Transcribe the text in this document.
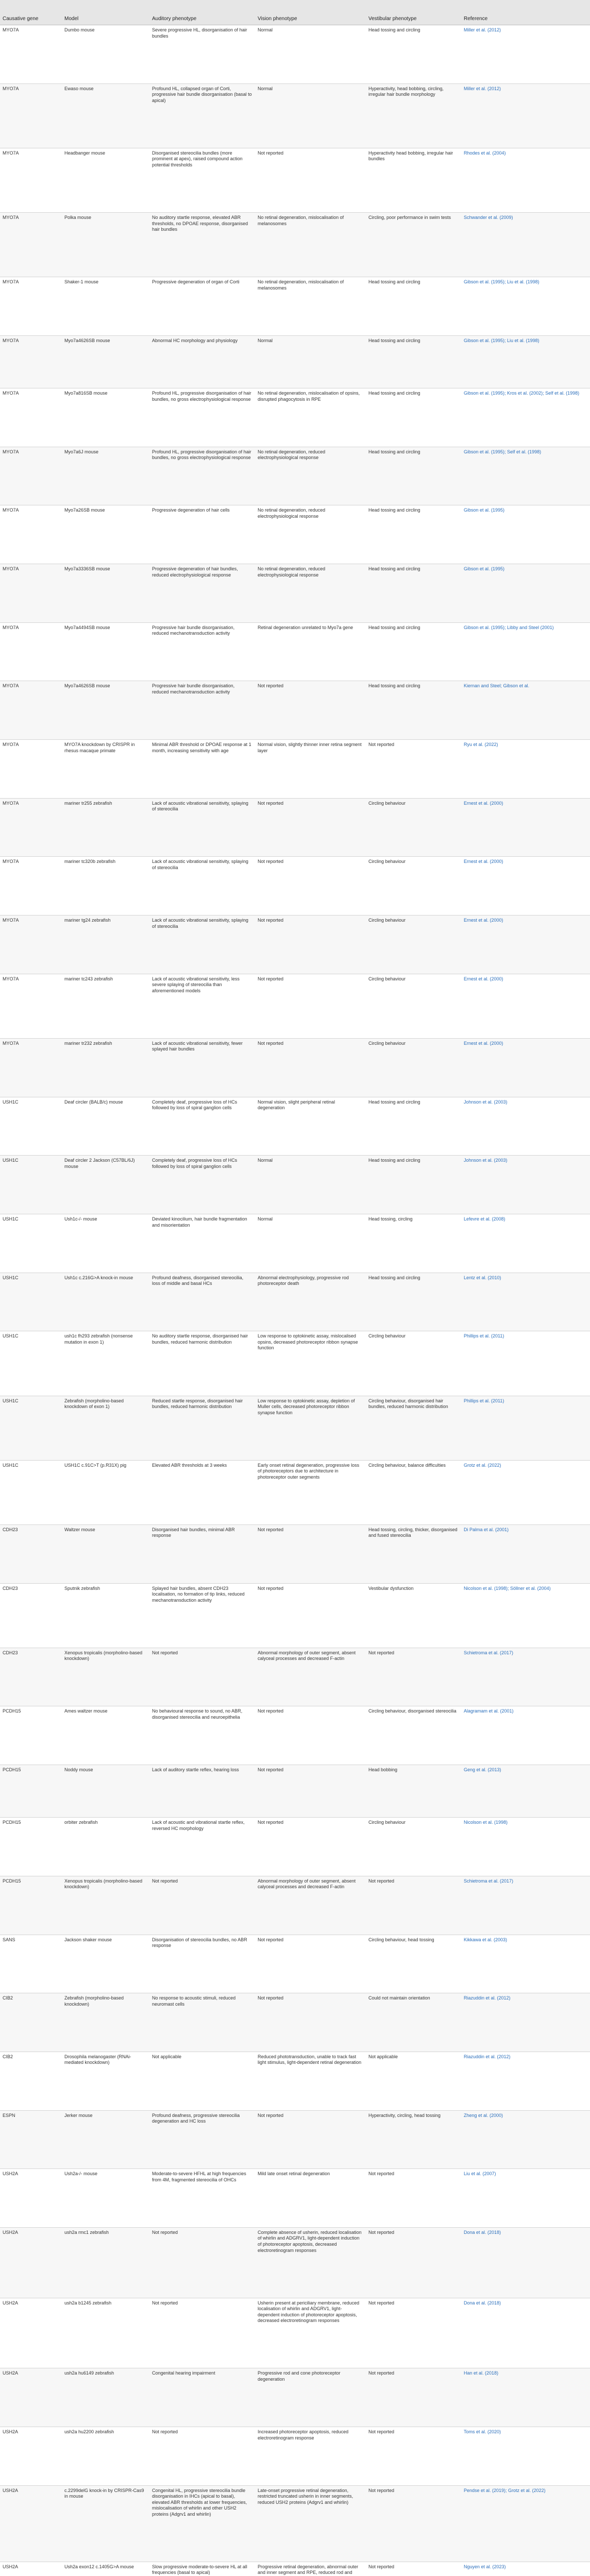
Causative gene	Model	Auditory phenotype	Vision phenotype	Vestibular phenotype	Reference
MYO7A	Dumbo mouse	Severe progressive HL, disorganisation of hair bundles	Normal	Head tossing and circling	Miller et al. (2012)
MYO7A	Ewaso mouse	Profound HL, collapsed organ of Corti, progressive hair bundle disorganisation (basal to apical)	Normal	Hyperactivity, head bobbing, circling, irregular hair bundle morphology	Miller et al. (2012)
MYO7A	Headbanger mouse	Disorganised stereocilia bundles (more prominent at apex), raised compound action potential thresholds	Not reported	Hyperactivity head bobbing, irregular hair bundles	Rhodes et al. (2004)
MYO7A	Polka mouse	No auditory startle response, elevated ABR thresholds, no DPOAE response, disorganised hair bundles	No retinal degeneration, mislocalisation of melanosomes	Circling, poor performance in swim tests	Schwander et al. (2009)
MYO7A	Shaker-1 mouse	Progressive degeneration of organ of Corti	No retinal degeneration, mislocalisation of melanosomes	Head tossing and circling	Gibson et al. (1995); Liu et al. (1998)
MYO7A	Myo7a4626SB mouse	Abnormal HC morphology and physiology	Normal	Head tossing and circling	Gibson et al. (1995); Liu et al. (1998)
MYO7A	Myo7a816SB mouse	Profound HL, progressive disorganisation of hair bundles, no gross electrophysiological response	No retinal degeneration, mislocalisation of opsins, disrupted phagocytosis in RPE	Head tossing and circling	Gibson et al. (1995); Kros et al. (2002); Self et al. (1998)
MYO7A	Myo7a6J mouse	Profound HL, progressive disorganisation of hair bundles, no gross electrophysiological response	No retinal degeneration, reduced electrophysiological response	Head tossing and circling	Gibson et al. (1995); Self et al. (1998)
MYO7A	Myo7a26SB mouse	Progressive degeneration of hair cells	No retinal degeneration, reduced electrophysiological response	Head tossing and circling	Gibson et al. (1995)
MYO7A	Myo7a3336SB mouse	Progressive degeneration of hair bundles, reduced electrophysiological response	No retinal degeneration, reduced electrophysiological response	Head tossing and circling	Gibson et al. (1995)
MYO7A	Myo7a4494SB mouse	Progressive hair bundle disorganisation, reduced mechanotransduction activity	Retinal degeneration unrelated to Myo7a gene	Head tossing and circling	Gibson et al. (1995); Libby and Steel (2001)
MYO7A	Myo7a4626SB mouse	Progressive hair bundle disorganisation, reduced mechanotransduction activity	Not reported	Head tossing and circling	Kiernan and Steel; Gibson et al.
MYO7A	MYO7A knockdown by CRISPR in rhesus macaque primate	Minimal ABR threshold or DPOAE response at 1 month, increasing sensitivity with age	Normal vision, slightly thinner inner retina segment layer	Not reported	Ryu et al. (2022)
MYO7A	mariner tr255 zebrafish	Lack of acoustic vibrational sensitivity, splaying of stereocilia	Not reported	Circling behaviour	Ernest et al. (2000)
MYO7A	mariner tc320b zebrafish	Lack of acoustic vibrational sensitivity, splaying of stereocilia	Not reported	Circling behaviour	Ernest et al. (2000)
MYO7A	mariner tg24 zebrafish	Lack of acoustic vibrational sensitivity, splaying of stereocilia	Not reported	Circling behaviour	Ernest et al. (2000)
MYO7A	mariner tc243 zebrafish	Lack of acoustic vibrational sensitivity, less severe splaying of stereocilia than aforementioned models	Not reported	Circling behaviour	Ernest et al. (2000)
MYO7A	mariner tr232 zebrafish	Lack of acoustic vibrational sensitivity, fewer splayed hair bundles	Not reported	Circling behaviour	Ernest et al. (2000)
USH1C	Deaf circler (BALB/c) mouse	Completely deaf, progressive loss of HCs followed by loss of spiral ganglion cells	Normal vision, slight peripheral retinal degeneration	Head tossing and circling	Johnson et al. (2003)
USH1C	Deaf circler 2 Jackson (C57BL/6J) mouse	Completely deaf, progressive loss of HCs followed by loss of spiral ganglion cells	Normal	Head tossing and circling	Johnson et al. (2003)
USH1C	Ush1c-/- mouse	Deviated kinocilium, hair bundle fragmentation and misorientation	Normal	Head tossing, circling	Lefevre et al. (2008)
USH1C	Ush1c c.216G>A knock-in mouse	Profound deafness, disorganised stereocilia, loss of middle and basal HCs	Abnormal electrophysiology, progressive rod photoreceptor death	Head tossing and circling	Lentz et al. (2010)
USH1C	ush1c fh293 zebrafish (nonsense mutation in exon 1)	No auditory startle response, disorganised hair bundles, reduced harmonic distribution	Low response to optokinetic assay, mislocalised opsins, decreased photoreceptor ribbon synapse function	Circling behaviour	Phillips et al. (2011)
USH1C	Zebrafish (morpholino-based knockdown of exon 1)	Reduced startle response, disorganised hair bundles, reduced harmonic distribution	Low response to optokinetic assay, depletion of Muller cells, decreased photoreceptor ribbon synapse function	Circling behaviour, disorganised hair bundles, reduced harmonic distribution	Phillips et al. (2011)
USH1C	USH1C c.91C>T (p.R31X) pig	Elevated ABR thresholds at 3 weeks	Early onset retinal degeneration, progressive loss of photoreceptors due to architecture in photoreceptor outer segments	Circling behaviour, balance difficulties	Grotz et al. (2022)
CDH23	Waltzer mouse	Disorganised hair bundles, minimal ABR response	Not reported	Head tossing, circling, thicker, disorganised and fused stereocilia	Di Palma et al. (2001)
CDH23	Sputnik zebrafish	Splayed hair bundles, absent CDH23 localisation, no formation of tip links, reduced mechanotransduction activity	Not reported	Vestibular dysfunction	Nicolson et al. (1998); Söllner et al. (2004)
CDH23	Xenopus tropicalis (morpholino-based knockdown)	Not reported	Abnormal morphology of outer segment, absent calyceal processes and decreased F-actin	Not reported	Schietroma et al. (2017)
PCDH15	Ames waltzer mouse	No behavioural response to sound, no ABR, disorganised stereocilia and neuroepithelia	Not reported	Circling behaviour, disorganised stereocilia	Alagramam et al. (2001)
PCDH15	Noddy mouse	Lack of auditory startle reflex, hearing loss	Not reported	Head bobbing	Geng et al. (2013)
PCDH15	orbiter zebrafish	Lack of acoustic and vibrational startle reflex, reversed HC morphology	Not reported	Circling behaviour	Nicolson et al. (1998)
PCDH15	Xenopus tropicalis (morpholino-based knockdown)	Not reported	Abnormal morphology of outer segment, absent calyceal processes and decreased F-actin	Not reported	Schietroma et al. (2017)
SANS	Jackson shaker mouse	Disorganisation of stereocilia bundles, no ABR response	Not reported	Circling behaviour, head tossing	Kikkawa et al. (2003)
CIB2	Zebrafish (morpholino-based knockdown)	No response to acoustic stimuli, reduced neuromast cells	Not reported	Could not maintain orientation	Riazuddin et al. (2012)
CIB2	Drosophila melanogaster (RNAi-mediated knockdown)	Not applicable	Reduced phototransduction, unable to track fast light stimulus, light-dependent retinal degeneration	Not applicable	Riazuddin et al. (2012)
ESPN	Jerker mouse	Profound deafness, progressive stereocilia degeneration and HC loss	Not reported	Hyperactivity, circling, head tossing	Zheng et al. (2000)
USH2A	Ush2a-/- mouse	Moderate-to-severe HFHL at high frequencies from 4M, fragmented stereocilia of OHCs	Mild late onset retinal degeneration	Not reported	Liu et al. (2007)
USH2A	ush2a rmc1 zebrafish	Not reported	Complete absence of usherin, reduced localisation of whirlin and ADGRV1, light-dependent induction of photoreceptor apoptosis, decreased electroretinogram responses	Not reported	Dona et al. (2018)
USH2A	ush2a b1245 zebrafish	Not reported	Usherin present at periciliary membrane, reduced localisation of whirlin and ADGRV1, light-dependent induction of photoreceptor apoptosis, decreased electroretinogram responses	Not reported	Dona et al. (2018)
USH2A	ush2a hu6149 zebrafish	Congenital hearing impairment	Progressive rod and cone photoreceptor degeneration	Not reported	Han et al. (2018)
USH2A	ush2a hu2200 zebrafish	Not reported	Increased photoreceptor apoptosis, reduced electroretinogram response	Not reported	Toms et al. (2020)
USH2A	c.2299delG knock-in by CRISPR-Cas9 in mouse	Congenital HL, progressive stereocilia bundle disorganisation in IHCs (apical to basal), elevated ABR thresholds at lower frequencies, mislocalisation of whirlin and other USH2 proteins (Adgrv1 and whirlin)	Late-onset progressive retinal degeneration, restricted truncated usherin in inner segments, reduced USH2 proteins (Adgrv1 and whirlin)	Not reported	Pendse et al. (2019); Grotz et al. (2022)
USH2A	Ush2a exon12 c.1405G>A mouse	Slow progressive moderate-to-severe HL at all frequencies (basal to apical)	Progressive retinal degeneration, abnormal outer and inner segment and RPE, reduced rod and	Not reported	Nguyen et al. (2023)
